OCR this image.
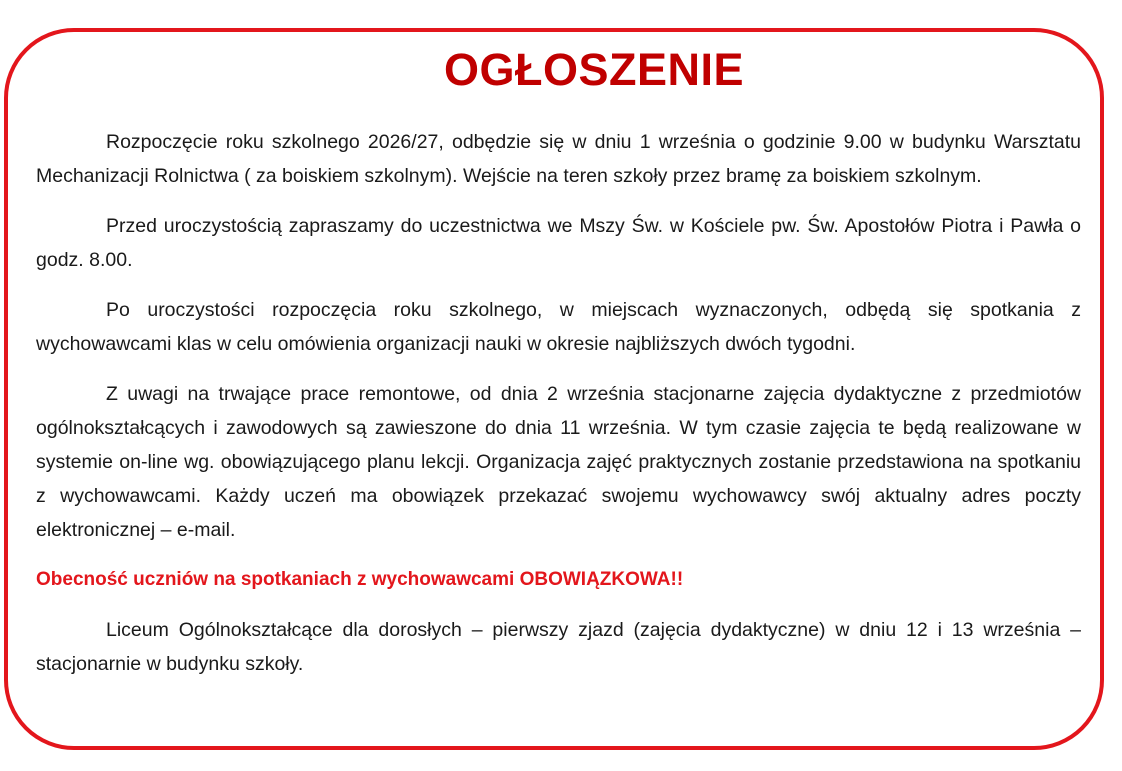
OGŁOSZENIE

Rozpoczęcie roku szkolnego 2026/27, odbędzie się w dniu 1 września o godzinie 9.00 w budynku Warsztatu Mechanizacji Rolnictwa ( za boiskiem szkolnym). Wejście na teren szkoły przez bramę za boiskiem szkolnym.

Przed uroczystością zapraszamy do uczestnictwa we Mszy Św. w Kościele pw. Św. Apostołów Piotra i Pawła o godz. 8.00.

Po uroczystości rozpoczęcia roku szkolnego, w miejscach wyznaczonych, odbędą się spotkania z wychowawcami klas w celu omówienia organizacji nauki w okresie najbliższych dwóch tygodni.

Z uwagi na trwające prace remontowe, od dnia 2 września stacjonarne zajęcia dydaktyczne z przedmiotów ogólnokształcących i zawodowych są zawieszone do dnia 11 września. W tym czasie zajęcia te będą realizowane w systemie on-line wg. obowiązującego planu lekcji. Organizacja zajęć praktycznych zostanie przedstawiona na spotkaniu z wychowawcami. Każdy uczeń ma obowiązek przekazać swojemu wychowawcy swój aktualny adres poczty elektronicznej – e-mail.

Obecność uczniów na spotkaniach z wychowawcami OBOWIĄZKOWA!!

Liceum Ogólnokształcące dla dorosłych – pierwszy zjazd (zajęcia dydaktyczne) w dniu 12 i 13 września – stacjonarnie w budynku szkoły.
